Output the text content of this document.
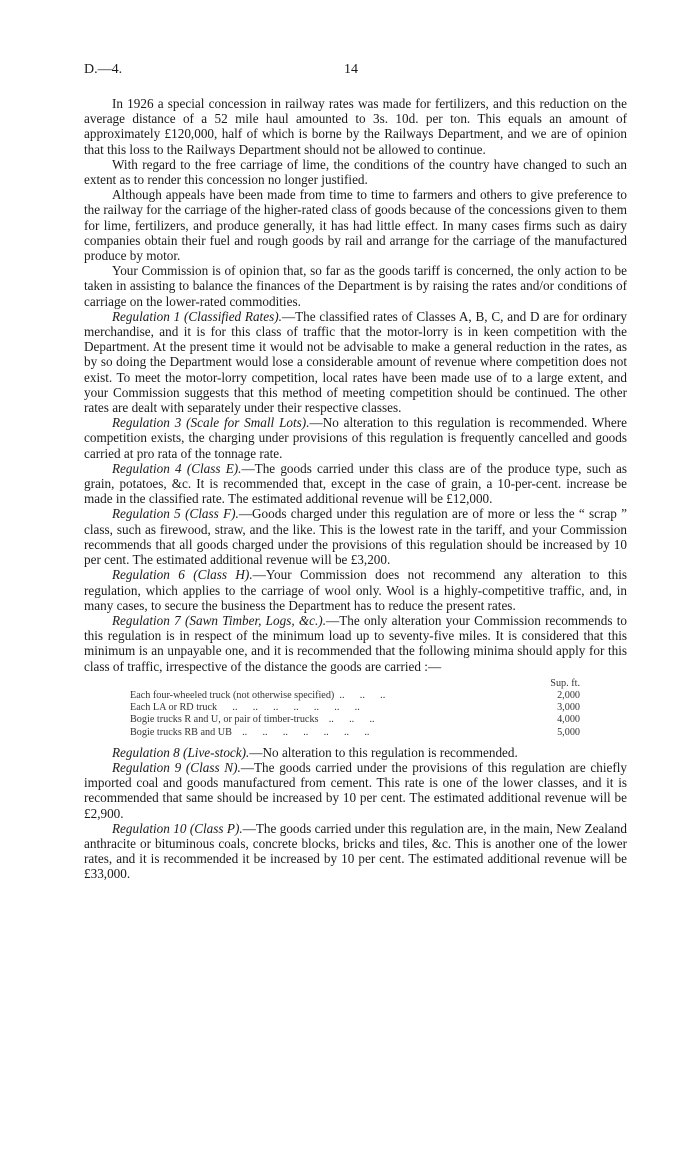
D.—4.	14

In 1926 a special concession in railway rates was made for fertilizers, and this reduction on the average distance of a 52 mile haul amounted to 3s. 10d. per ton. This equals an amount of approximately £120,000, half of which is borne by the Railways Department, and we are of opinion that this loss to the Railways Department should not be allowed to continue.

With regard to the free carriage of lime, the conditions of the country have changed to such an extent as to render this concession no longer justified.

Although appeals have been made from time to time to farmers and others to give preference to the railway for the carriage of the higher-rated class of goods because of the concessions given to them for lime, fertilizers, and produce generally, it has had little effect. In many cases firms such as dairy companies obtain their fuel and rough goods by rail and arrange for the carriage of the manufactured produce by motor.

Your Commission is of opinion that, so far as the goods tariff is concerned, the only action to be taken in assisting to balance the finances of the Department is by raising the rates and/or conditions of carriage on the lower-rated commodities.

Regulation 1 (Classified Rates).—The classified rates of Classes A, B, C, and D are for ordinary merchandise, and it is for this class of traffic that the motor-lorry is in keen competition with the Department. At the present time it would not be advisable to make a general reduction in the rates, as by so doing the Department would lose a considerable amount of revenue where competition does not exist. To meet the motor-lorry competition, local rates have been made use of to a large extent, and your Commission suggests that this method of meeting competition should be continued. The other rates are dealt with separately under their respective classes.

Regulation 3 (Scale for Small Lots).—No alteration to this regulation is recommended. Where competition exists, the charging under provisions of this regulation is frequently cancelled and goods carried at pro rata of the tonnage rate.

Regulation 4 (Class E).—The goods carried under this class are of the produce type, such as grain, potatoes, &c. It is recommended that, except in the case of grain, a 10-per-cent. increase be made in the classified rate. The estimated additional revenue will be £12,000.

Regulation 5 (Class F).—Goods charged under this regulation are of more or less the “ scrap ” class, such as firewood, straw, and the like. This is the lowest rate in the tariff, and your Commission recommends that all goods charged under the provisions of this regulation should be increased by 10 per cent. The estimated additional revenue will be £3,200.

Regulation 6 (Class H).—Your Commission does not recommend any alteration to this regulation, which applies to the carriage of wool only. Wool is a highly-competitive traffic, and, in many cases, to secure the business the Department has to reduce the present rates.

Regulation 7 (Sawn Timber, Logs, &c.).—The only alteration your Commission recommends to this regulation is in respect of the minimum load up to seventy-five miles. It is considered that this minimum is an unpayable one, and it is recommended that the following minima should apply for this class of traffic, irrespective of the distance the goods are carried :—

Sup. ft.
Each four-wheeled truck (not otherwise specified)  ..      ..      ..	2,000
Each LA or RD truck      ..      ..      ..      ..      ..      ..      ..	3,000
Bogie trucks R and U, or pair of timber-trucks    ..      ..      ..	4,000
Bogie trucks RB and UB    ..      ..      ..      ..      ..      ..      ..	5,000

Regulation 8 (Live-stock).—No alteration to this regulation is recommended.

Regulation 9 (Class N).—The goods carried under the provisions of this regulation are chiefly imported coal and goods manufactured from cement. This rate is one of the lower classes, and it is recommended that same should be increased by 10 per cent. The estimated additional revenue will be £2,900.

Regulation 10 (Class P).—The goods carried under this regulation are, in the main, New Zealand anthracite or bituminous coals, concrete blocks, bricks and tiles, &c. This is another one of the lower rates, and it is recommended it be increased by 10 per cent. The estimated additional revenue will be £33,000.
